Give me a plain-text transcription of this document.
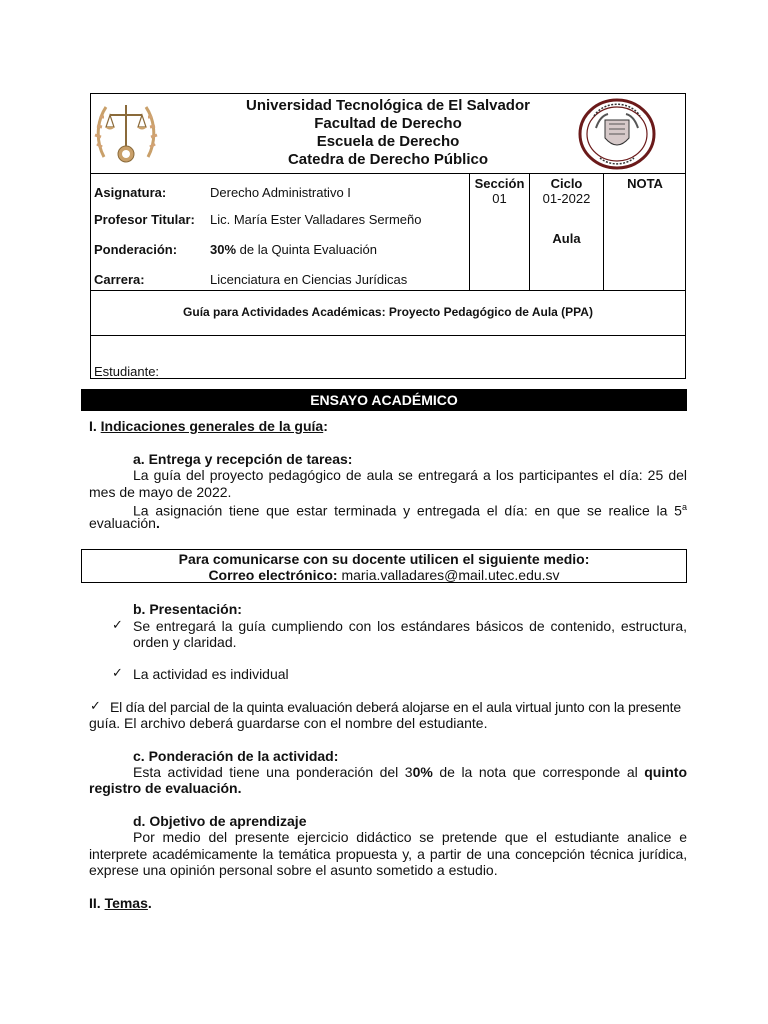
Universidad Tecnológica de El Salvador
Facultad de Derecho
Escuela de Derecho
Catedra de Derecho Público
Asignatura:	Derecho Administrativo I
Profesor Titular: Lic. María Ester Valladares Sermeño
Ponderación:	30% de la Quinta Evaluación
Carrera:	Licenciatura en Ciencias Jurídicas
Sección
01
Ciclo
01-2022
Aula
NOTA
Guía para Actividades Académicas: Proyecto Pedagógico de Aula (PPA)
Estudiante:
ENSAYO ACADÉMICO
I. Indicaciones generales de la guía:
a. Entrega y recepción de tareas:
La guía del proyecto pedagógico de aula se entregará a los participantes el día: 25 del
mes de mayo de 2022.
La asignación tiene que estar terminada y entregada el día: en que se realice la 5$^a$
evaluación.
Para comunicarse con su docente utilicen el siguiente medio:
Correo electrónico: maria.valladares@mail.utec.edu.sv
b. Presentación:
✓ Se entregará la guía cumpliendo con los estándares básicos de contenido, estructura,
orden y claridad.
✓ La actividad es individual
✓ El día del parcial de la quinta evaluación deberá alojarse en el aula virtual junto con la presente
guía. El archivo deberá guardarse con el nombre del estudiante.
c. Ponderación de la actividad:
Esta actividad tiene una ponderación del 30% de la nota que corresponde al quinto
registro de evaluación.
d. Objetivo de aprendizaje
Por medio del presente ejercicio didáctico se pretende que el estudiante analice e
interprete académicamente la temática propuesta y, a partir de una concepción técnica jurídica,
exprese una opinión personal sobre el asunto sometido a estudio.
II. Temas.
